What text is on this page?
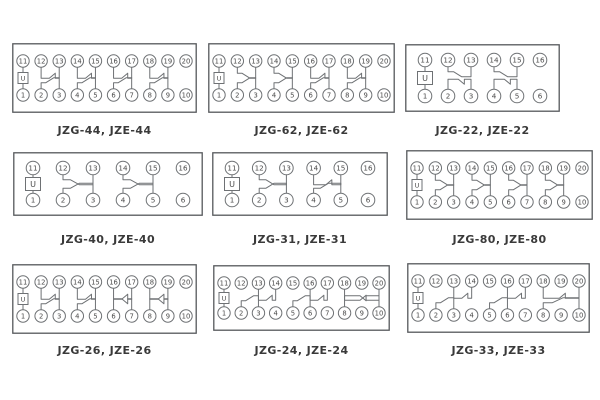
U
11 12 13 14 15 16 17 18 19 20
1 2 3 4 5 6 7 8 9 10
JZG-44, JZE-44
U
11 12 13 14 15 16 17 18 19 20
1 2 3 4 5 6 7 8 9 10
JZG-62, JZE-62
U
11 12 13 14 15 16
1	2	3	4	5	6
JZG-22, JZE-22
U
11	12	13	14	15	16
1	2	3	4	5	6
JZG-40, JZE-40
U
11	12	13	14	15	16
1	2	3	4	5	6
JZG-31, JZE-31
U
11 12 13 14 15 16 17 18 19 20
1 2 3 4 5 6 7 8 9 10
JZG-80, JZE-80
U
11 12 13 14 15 16 17 18 19 20
1 2 3 4 5 6 7 8 9 10
JZG-26, JZE-26
U
11 12 13 14 15 16 17 18 19 20
1 2 3 4 5 6 7 8 9 10
JZG-24, JZE-24
U
11 12 13 14 15 16 17 18 19 20
1 2 3 4 5 6 7 8 9 10
JZG-33, JZE-33
